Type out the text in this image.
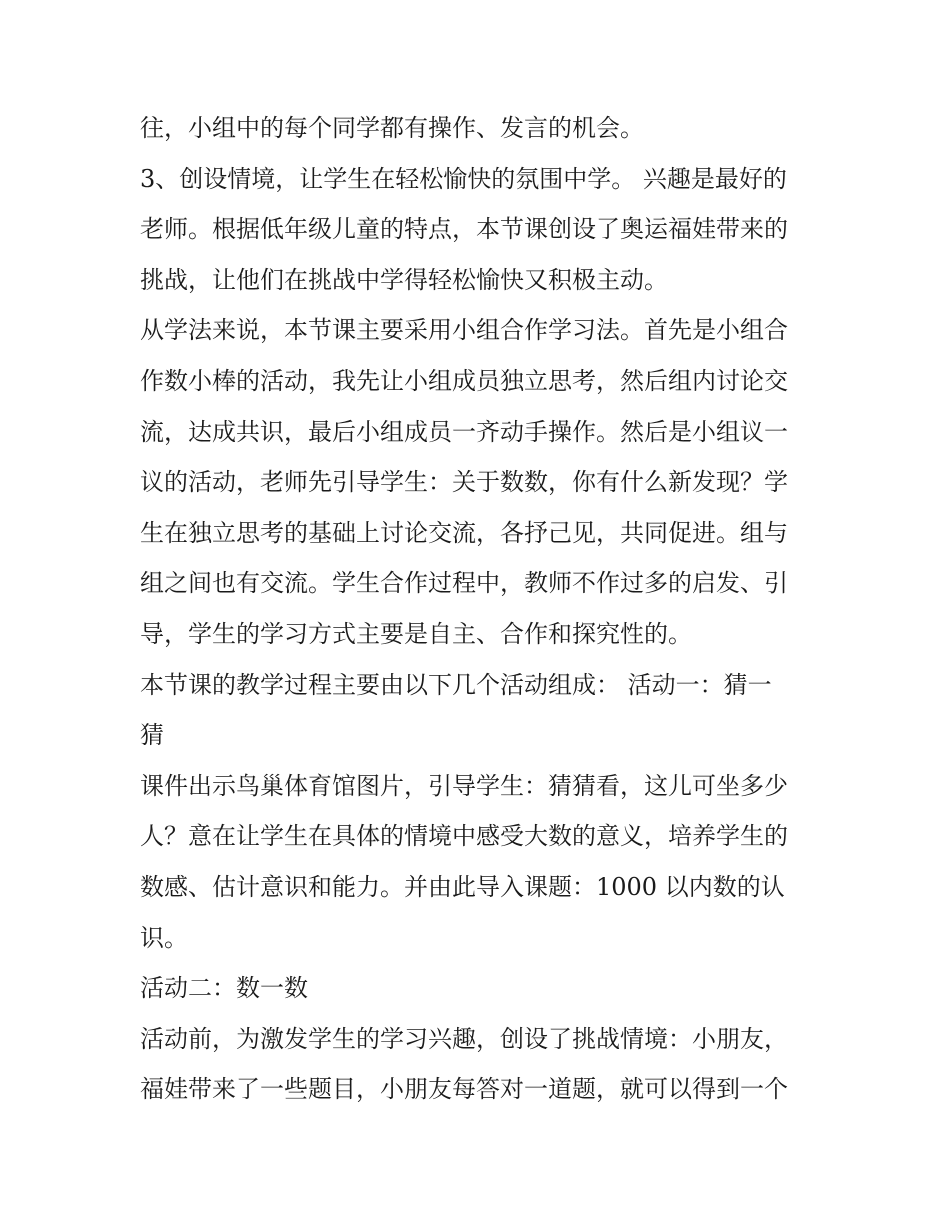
往，小组中的每个同学都有操作、发言的机会。
3、创设情境，让学生在轻松愉快的氛围中学。 兴趣是最好的
老师。根据低年级儿童的特点，本节课创设了奥运福娃带来的
挑战，让他们在挑战中学得轻松愉快又积极主动。
从学法来说，本节课主要采用小组合作学习法。首先是小组合
作数小棒的活动，我先让小组成员独立思考，然后组内讨论交
流，达成共识，最后小组成员一齐动手操作。然后是小组议一
议的活动，老师先引导学生：关于数数，你有什么新发现？学
生在独立思考的基础上讨论交流，各抒己见，共同促进。组与
组之间也有交流。学生合作过程中，教师不作过多的启发、引
导，学生的学习方式主要是自主、合作和探究性的。
本节课的教学过程主要由以下几个活动组成： 活动一：猜一
猜
课件出示鸟巢体育馆图片，引导学生：猜猜看，这儿可坐多少
人？意在让学生在具体的情境中感受大数的意义，培养学生的
数感、估计意识和能力。并由此导入课题：1000 以内数的认
识。
活动二：数一数
活动前，为激发学生的学习兴趣，创设了挑战情境：小朋友，
福娃带来了一些题目，小朋友每答对一道题，就可以得到一个
